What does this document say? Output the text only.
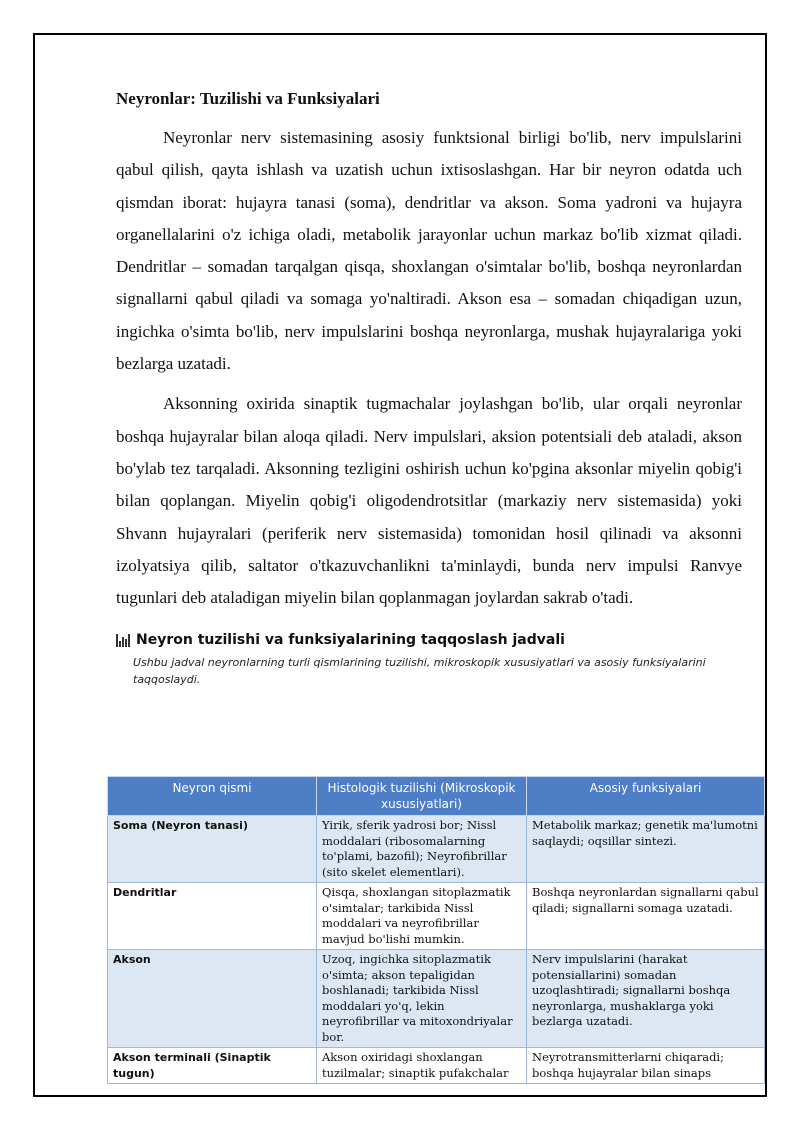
Neyronlar: Tuzilishi va Funksiyalari

Neyronlar nerv sistemasining asosiy funktsional birligi bo'lib, nerv impulslarini qabul qilish, qayta ishlash va uzatish uchun ixtisoslashgan. Har bir neyron odatda uch qismdan iborat: hujayra tanasi (soma), dendritlar va akson. Soma yadroni va hujayra organellalarini o'z ichiga oladi, metabolik jarayonlar uchun markaz bo'lib xizmat qiladi. Dendritlar – somadan tarqalgan qisqa, shoxlangan o'simtalar bo'lib, boshqa neyronlardan signallarni qabul qiladi va somaga yo'naltiradi. Akson esa – somadan chiqadigan uzun, ingichka o'simta bo'lib, nerv impulslarini boshqa neyronlarga, mushak hujayralariga yoki bezlarga uzatadi.

Aksonning oxirida sinaptik tugmachalar joylashgan bo'lib, ular orqali neyronlar boshqa hujayralar bilan aloqa qiladi. Nerv impulslari, aksion potentsiali deb ataladi, akson bo'ylab tez tarqaladi. Aksonning tezligini oshirish uchun ko'pgina aksonlar miyelin qobig'i bilan qoplangan. Miyelin qobig'i oligodendrotsitlar (markaziy nerv sistemasida) yoki Shvann hujayralari (periferik nerv sistemasida) tomonidan hosil qilinadi va aksonni izolyatsiya qilib, saltator o'tkazuvchanlikni ta'minlaydi, bunda nerv impulsi Ranvye tugunlari deb ataladigan miyelin bilan qoplanmagan joylardan sakrab o'tadi.

Neyron tuzilishi va funksiyalarining taqqoslash jadvali
Ushbu jadval neyronlarning turli qismlarining tuzilishi, mikroskopik xususiyatlari va asosiy funksiyalarini taqqoslaydi.
Neyron qismi	Histologik tuzilishi (Mikroskopik xususiyatlari)	Asosiy funksiyalari
Soma (Neyron tanasi)	Yirik, sferik yadrosi bor; Nissl moddalari (ribosomalarning to'plami, bazofil); Neyrofibrillar (sito skelet elementlari).	Metabolik markaz; genetik ma'lumotni saqlaydi; oqsillar sintezi.
Dendritlar	Qisqa, shoxlangan sitoplazmatik o'simtalar; tarkibida Nissl moddalari va neyrofibrillar mavjud bo'lishi mumkin.	Boshqa neyronlardan signallarni qabul qiladi; signallarni somaga uzatadi.
Akson	Uzoq, ingichka sitoplazmatik o'simta; akson tepaligidan boshlanadi; tarkibida Nissl moddalari yo'q, lekin neyrofibrillar va mitoxondriyalar bor.	Nerv impulslarini (harakat potensiallarini) somadan uzoqlashtiradi; signallarni boshqa neyronlarga, mushaklarga yoki bezlarga uzatadi.
Akson terminali (Sinaptik tugun)	Akson oxiridagi shoxlangan tuzilmalar; sinaptik pufakchalar	Neyrotransmitterlarni chiqaradi; boshqa hujayralar bilan sinaps
